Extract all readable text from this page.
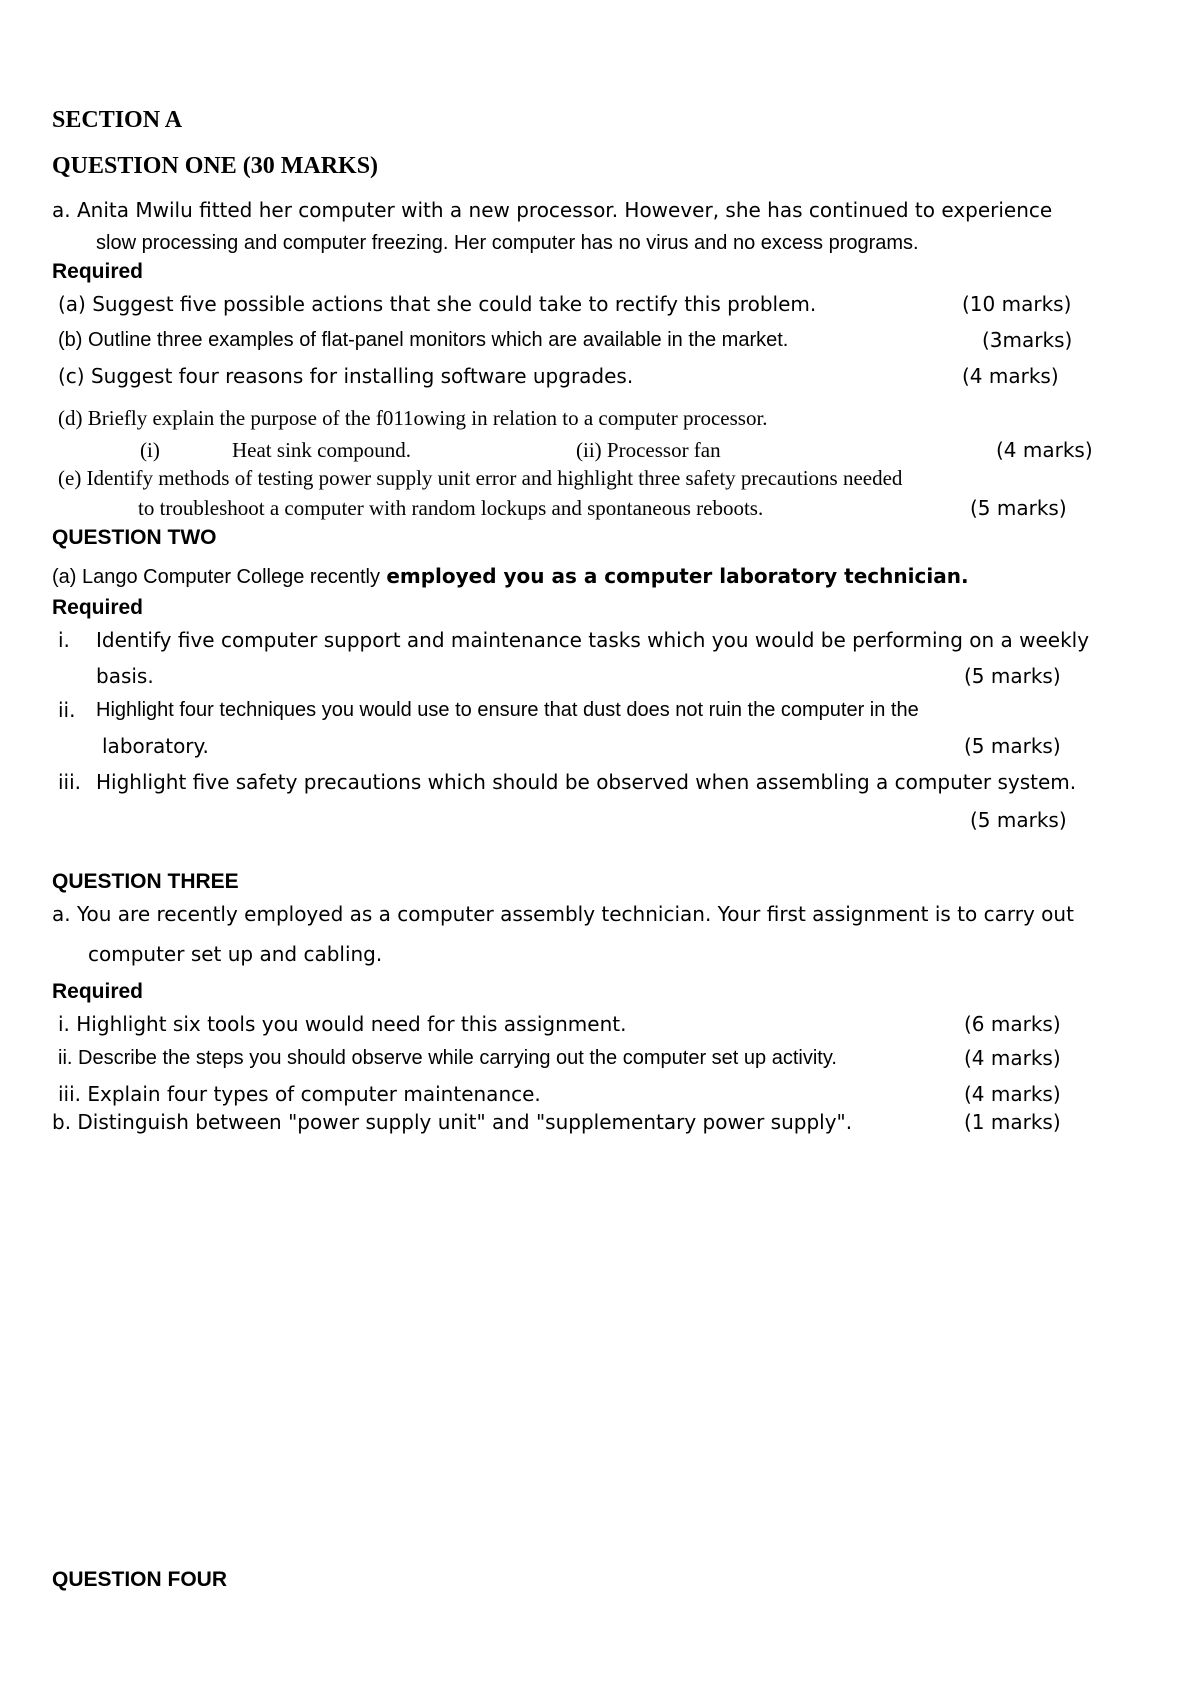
SECTION A
QUESTION ONE (30 MARKS)
a. Anita Mwilu fitted her computer with a new processor. However, she has continued to experience
slow processing and computer freezing. Her computer has no virus and no excess programs.
Required
(a) Suggest five possible actions that she could take to rectify this problem.	(10 marks)
(b) Outline three examples of flat-panel monitors which are available in the market.	(3marks)
(c) Suggest four reasons for installing software upgrades.	(4 marks)
(d) Briefly explain the purpose of the f011owing in relation to a computer processor.
(i)	Heat sink compound.	(ii) Processor fan	(4 marks)
(e) Identify methods of testing power supply unit error and highlight three safety precautions needed
to troubleshoot a computer with random lockups and spontaneous reboots.	(5 marks)
QUESTION TWO
(a) Lango Computer College recently employed you as a computer laboratory technician.
Required
i. Identify five computer support and maintenance tasks which you would be performing on a weekly
basis.	(5 marks)
ii. Highlight four techniques you would use to ensure that dust does not ruin the computer in the
laboratory.	(5 marks)
iii. Highlight five safety precautions which should be observed when assembling a computer system.
(5 marks)
QUESTION THREE
a. You are recently employed as a computer assembly technician. Your first assignment is to carry out
computer set up and cabling.
Required
i. Highlight six tools you would need for this assignment.	(6 marks)
ii. Describe the steps you should observe while carrying out the computer set up activity.	(4 marks)
iii. Explain four types of computer maintenance.	(4 marks)
b. Distinguish between "power supply unit" and "supplementary power supply".	(1 marks)
QUESTION FOUR
